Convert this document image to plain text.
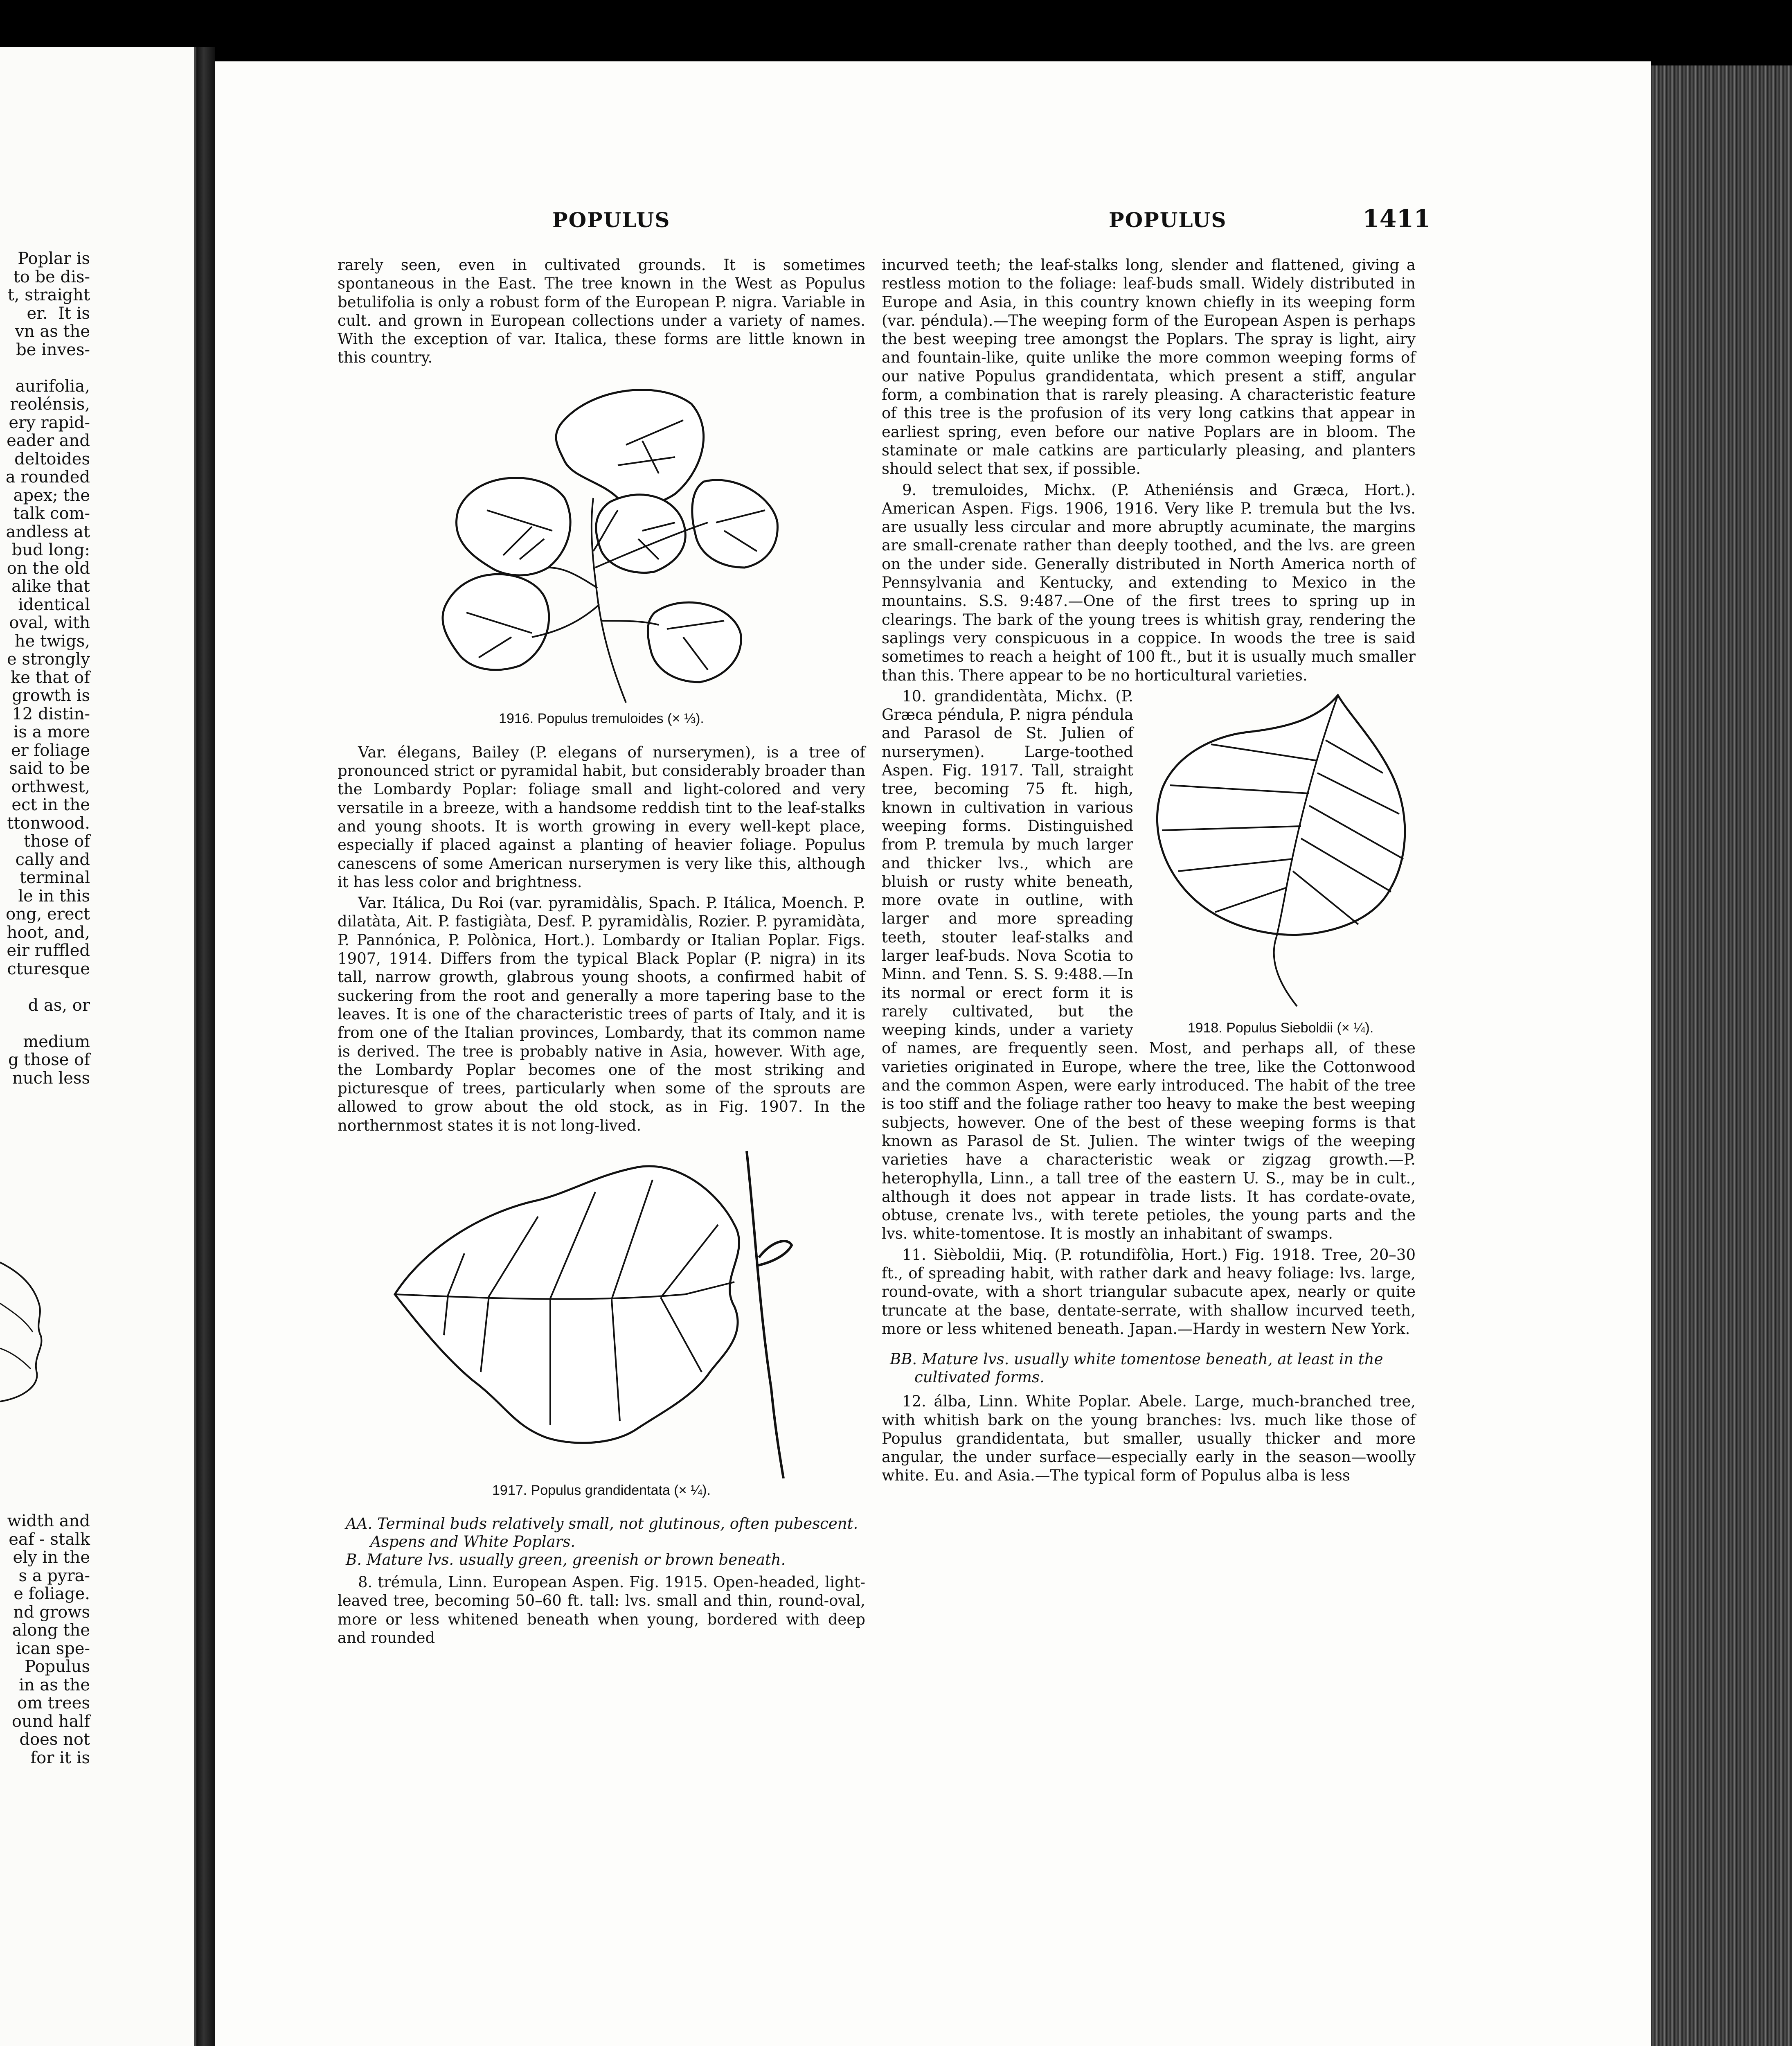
Poplar is
to be dis-
t, straight
er.  It is
vn as the
be inves-
aurifolia,
reolénsis,
ery rapid-
eader and
deltoides
a rounded
apex; the
talk com-
andless at
bud long:
on the old
alike that
identical
oval, with
he twigs,
e strongly
ke that of
growth is
12 distin-
is a more
er foliage
said to be
orthwest,
ect in the
ttonwood.
those of
cally and
terminal
le in this
ong, erect
hoot, and,
eir ruffled
cturesque
d as, or
medium
g those of
nuch less
width and
eaf - stalk
ely in the
s a pyra-
e foliage.
nd grows
along the
ican spe-
Populus
in as the
om trees
ound half
does not
for it is
POPULUS	POPULUS	1411

rarely seen, even in cultivated grounds. It is sometimes spontaneous in the East. The tree known in the West as Populus betulifolia is only a robust form of the European P. nigra. Variable in cult. and grown in European collections under a variety of names. With the exception of var. Italica, these forms are little known in this country.

1916. Populus tremuloides (× ⅓).

Var. élegans, Bailey (P. elegans of nurserymen), is a tree of pronounced strict or pyramidal habit, but considerably broader than the Lombardy Poplar: foliage small and light-colored and very versatile in a breeze, with a handsome reddish tint to the leaf-stalks and young shoots. It is worth growing in every well-kept place, especially if placed against a planting of heavier foliage. Populus canescens of some American nurserymen is very like this, although it has less color and brightness.

Var. Itálica, Du Roi (var. pyramidàlis, Spach. P. Itálica, Moench. P. dilatàta, Ait. P. fastigiàta, Desf. P. pyramidàlis, Rozier. P. pyramidàta, P. Pannónica, P. Polònica, Hort.). Lombardy or Italian Poplar. Figs. 1907, 1914. Differs from the typical Black Poplar (P. nigra) in its tall, narrow growth, glabrous young shoots, a confirmed habit of suckering from the root and generally a more tapering base to the leaves. It is one of the characteristic trees of parts of Italy, and it is from one of the Italian provinces, Lombardy, that its common name is derived. The tree is probably native in Asia, however. With age, the Lombardy Poplar becomes one of the most striking and picturesque of trees, particularly when some of the sprouts are allowed to grow about the old stock, as in Fig. 1907. In the northernmost states it is not long-lived.

1917. Populus grandidentata (× ¼).

AA. Terminal buds relatively small, not glutinous, often pubescent. Aspens and White Poplars.

B. Mature lvs. usually green, greenish or brown beneath.

8. trémula, Linn. European Aspen. Fig. 1915. Open-headed, light-leaved tree, becoming 50–60 ft. tall: lvs. small and thin, round-oval, more or less whitened beneath when young, bordered with deep and rounded

incurved teeth; the leaf-stalks long, slender and flattened, giving a restless motion to the foliage: leaf-buds small. Widely distributed in Europe and Asia, in this country known chiefly in its weeping form (var. péndula).—The weeping form of the European Aspen is perhaps the best weeping tree amongst the Poplars. The spray is light, airy and fountain-like, quite unlike the more common weeping forms of our native Populus grandidentata, which present a stiff, angular form, a combination that is rarely pleasing. A characteristic feature of this tree is the profusion of its very long catkins that appear in earliest spring, even before our native Poplars are in bloom. The staminate or male catkins are particularly pleasing, and planters should select that sex, if possible.

9. tremuloides, Michx. (P. Atheniénsis and Græca, Hort.). American Aspen. Figs. 1906, 1916. Very like P. tremula but the lvs. are usually less circular and more abruptly acuminate, the margins are small-crenate rather than deeply toothed, and the lvs. are green on the under side. Generally distributed in North America north of Pennsylvania and Kentucky, and extending to Mexico in the mountains. S.S. 9:487.—One of the first trees to spring up in clearings. The bark of the young trees is whitish gray, rendering the saplings very conspicuous in a coppice. In woods the tree is said sometimes to reach a height of 100 ft., but it is usually much smaller than this. There appear to be no horticultural varieties.

1918. Populus Sieboldii (× ¼).

10. grandidentàta, Michx. (P. Græca péndula, P. nigra péndula and Parasol de St. Julien of nurserymen). Large-toothed Aspen. Fig. 1917. Tall, straight tree, becoming 75 ft. high, known in cultivation in various weeping forms. Distinguished from P. tremula by much larger and thicker lvs., which are bluish or rusty white beneath, more ovate in outline, with larger and more spreading teeth, stouter leaf-stalks and larger leaf-buds. Nova Scotia to Minn. and Tenn. S. S. 9:488.—In its normal or erect form it is rarely cultivated, but the weeping kinds, under a variety of names, are frequently seen. Most, and perhaps all, of these varieties originated in Europe, where the tree, like the Cottonwood and the common Aspen, were early introduced. The habit of the tree is too stiff and the foliage rather too heavy to make the best weeping subjects, however. One of the best of these weeping forms is that known as Parasol de St. Julien. The winter twigs of the weeping varieties have a characteristic weak or zigzag growth.—P. heterophylla, Linn., a tall tree of the eastern U. S., may be in cult., although it does not appear in trade lists. It has cordate-ovate, obtuse, crenate lvs., with terete petioles, the young parts and the lvs. white-tomentose. It is mostly an inhabitant of swamps.

11. Sièboldii, Miq. (P. rotundifòlia, Hort.) Fig. 1918. Tree, 20–30 ft., of spreading habit, with rather dark and heavy foliage: lvs. large, round-ovate, with a short triangular subacute apex, nearly or quite truncate at the base, dentate-serrate, with shallow incurved teeth, more or less whitened beneath. Japan.—Hardy in western New York.

BB. Mature lvs. usually white tomentose beneath, at least in the cultivated forms.

12. álba, Linn. White Poplar. Abele. Large, much-branched tree, with whitish bark on the young branches: lvs. much like those of Populus grandidentata, but smaller, usually thicker and more angular, the under surface—especially early in the season—woolly white. Eu. and Asia.—The typical form of Populus alba is less
